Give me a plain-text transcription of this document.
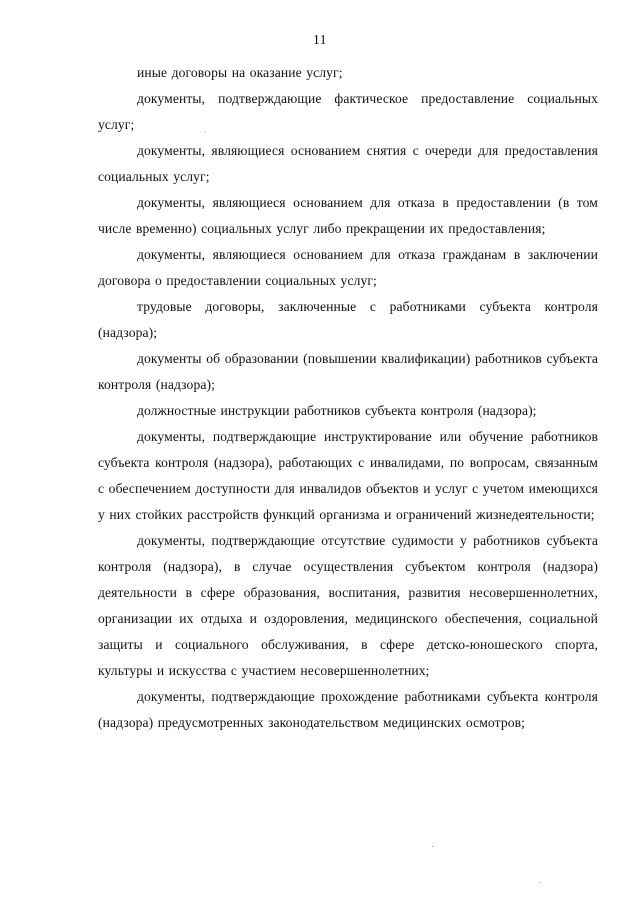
11

иные договоры на оказание услуг;

документы, подтверждающие фактическое предоставление социальных услуг;

документы, являющиеся основанием снятия с очереди для предоставления социальных услуг;

документы, являющиеся основанием для отказа в предоставлении (в том числе временно) социальных услуг либо прекращении их предоставления;

документы, являющиеся основанием для отказа гражданам в заключении договора о предоставлении социальных услуг;

трудовые договоры, заключенные с работниками субъекта контроля (надзора);

документы об образовании (повышении квалификации) работников субъекта контроля (надзора);

должностные инструкции работников субъекта контроля (надзора);

документы, подтверждающие инструктирование или обучение работников субъекта контроля (надзора), работающих с инвалидами, по вопросам, связанным с обеспечением доступности для инвалидов объектов и услуг с учетом имеющихся у них стойких расстройств функций организма и ограничений жизнедеятельности;

документы, подтверждающие отсутствие судимости у работников субъекта контроля (надзора), в случае осуществления субъектом контроля (надзора) деятельности в сфере образования, воспитания, развития несовершеннолетних, организации их отдыха и оздоровления, медицинского обеспечения, социальной защиты и социального обслуживания, в сфере детско-юношеского спорта, культуры и искусства с участием несовершеннолетних;

документы, подтверждающие прохождение работниками субъекта контроля (надзора) предусмотренных законодательством медицинских осмотров;
